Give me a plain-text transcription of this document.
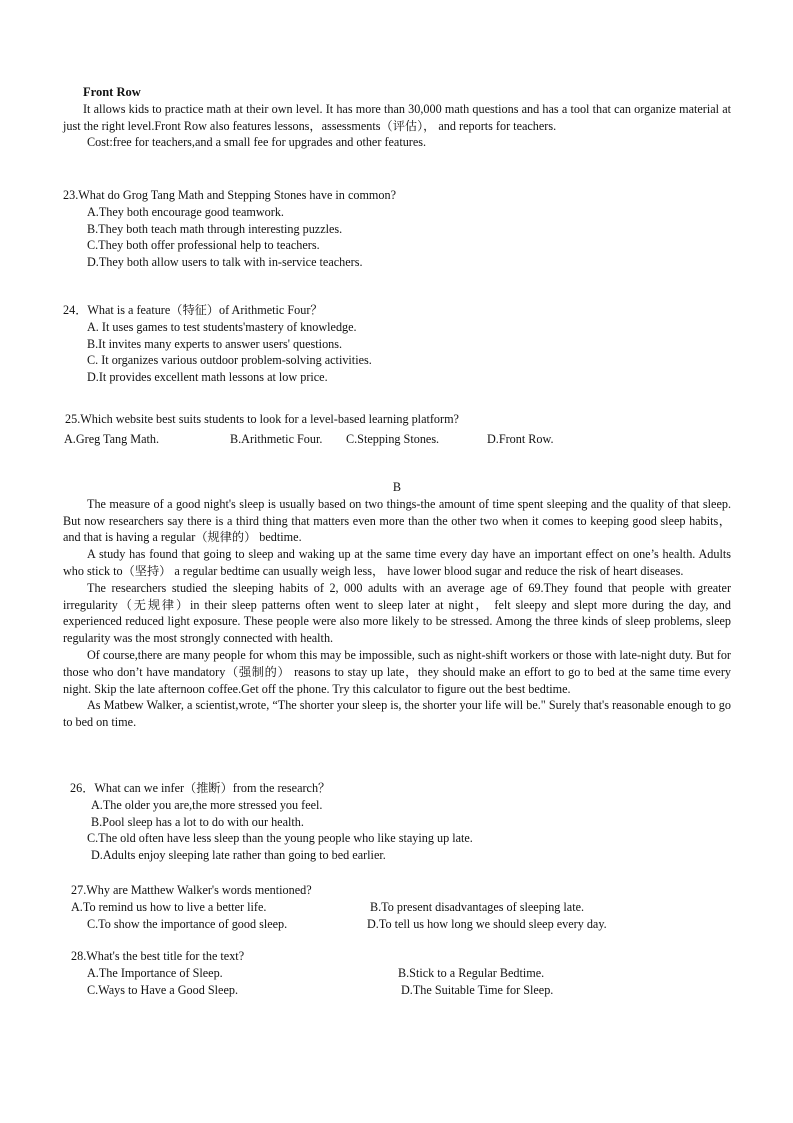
Front Row

It allows kids to practice math at their own level. It has more than 30,000 math questions and has a tool that can organize material at just the right level.Front Row also features lessons，assessments（评估）， and reports for teachers.

Cost:free for teachers,and a small fee for upgrades and other features.

23.What do Grog Tang Math and Stepping Stones have in common?

A.They both encourage good teamwork.

B.They both teach math through interesting puzzles.

C.They both offer professional help to teachers.

D.They both allow users to talk with in-service teachers.

24．What is a feature（特征）of Arithmetic Four？

A. It uses games to test students'mastery of knowledge.

B.It invites many experts to answer users' questions.

C. It organizes various outdoor problem-solving activities.

D.It provides excellent math lessons at low price.

25.Which website best suits students to look for a level-based learning platform?

A.Greg Tang Math.	B.Arithmetic Four. C.Stepping Stones.	D.Front Row.
B

The measure of a good night's sleep is usually based on two things-the amount of time spent sleeping and the quality of that sleep. But now researchers say there is a third thing that matters even more than the other two when it comes to keeping good sleep habits， and that is having a regular（规律的） bedtime.

A study has found that going to sleep and waking up at the same time every day have an important effect on one’s health. Adults who stick to（坚持） a regular bedtime can usually weigh less， have lower blood sugar and reduce the risk of heart diseases.

The researchers studied the sleeping habits of 2, 000 adults with an average age of 69.They found that people with greater irregularity（无规律）in their sleep patterns often went to sleep later at night， felt sleepy and slept more during the day, and experienced reduced light exposure. These people were also more likely to be stressed. Among the three kinds of sleep problems, sleep regularity was the most strongly connected with health.

Of course,there are many people for whom this may be impossible, such as night-shift workers or those with late-night duty. But for those who don’t have mandatory（强制的） reasons to stay up late，they should make an effort to go to bed at the same time every night. Skip the late afternoon coffee.Get off the phone. Try this calculator to figure out the best bedtime.

As Matbew Walker, a scientist,wrote, “The shorter your sleep is, the shorter your life will be." Surely that's reasonable enough to go to bed on time.

26．What can we infer（推断）from the research？

A.The older you are,the more stressed you feel.

B.Pool sleep has a lot to do with our health.

C.The old often have less sleep than the young people who like staying up late.

D.Adults enjoy sleeping late rather than going to bed earlier.

27.Why are Matthew Walker's words mentioned?

A.To remind us how to live a better life.	B.To present disadvantages of sleeping late.
C.To show the importance of good sleep.	D.To tell us how long we should sleep every day.

28.What's the best title for the text?

A.The Importance of Sleep.	B.Stick to a Regular Bedtime.
C.Ways to Have a Good Sleep.	D.The Suitable Time for Sleep.
